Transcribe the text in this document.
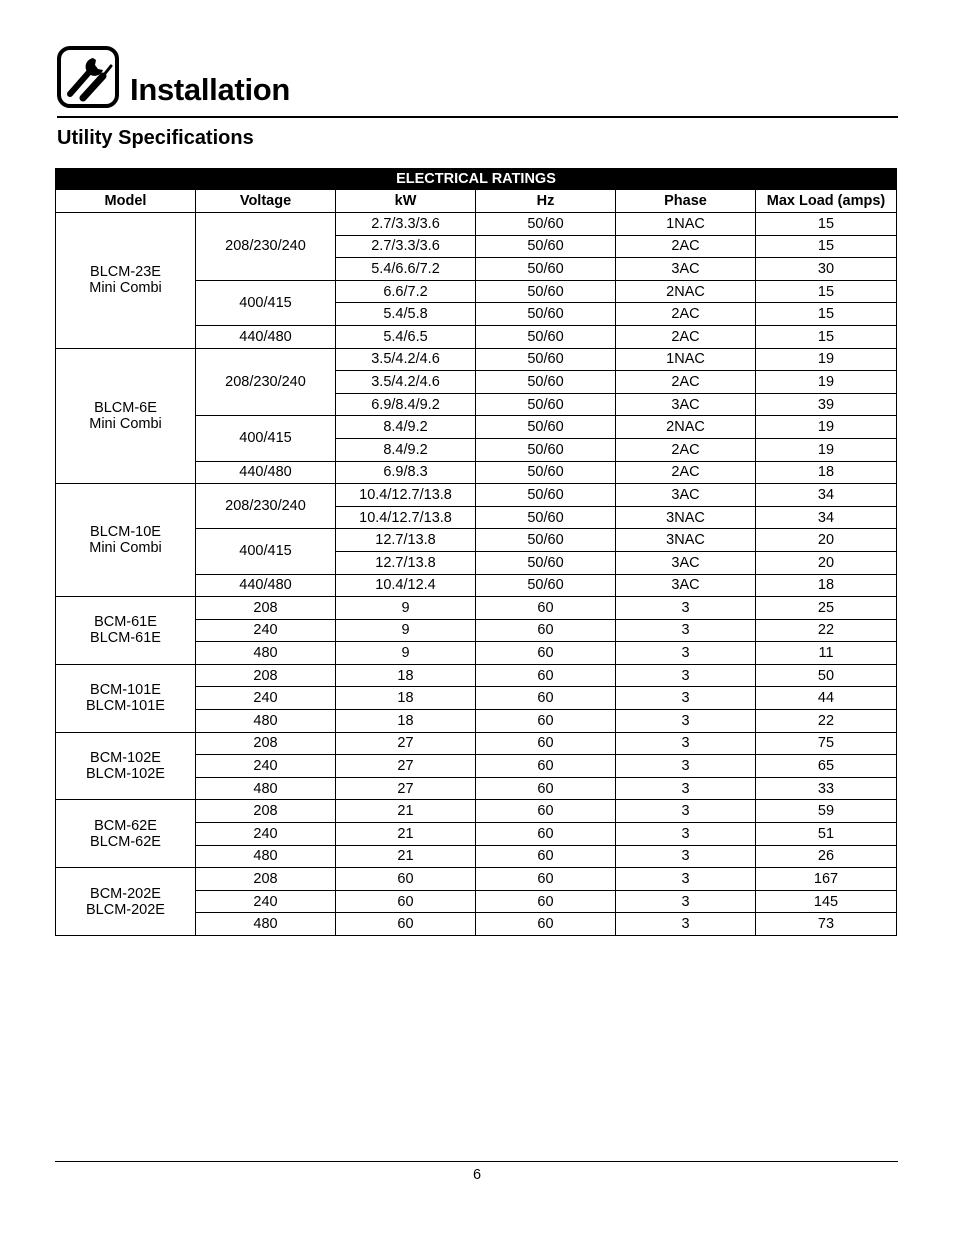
Installation
Utility Specifications
ELECTRICAL RATINGS					
Model	Voltage	kW	Hz	Phase	Max Load (amps)

BLCM-23E
Mini Combi	208/230/240	2.7/3.3/3.6	50/60	1NAC	15
		2.7/3.3/3.6	50/60	2AC	15
		5.4/6.6/7.2	50/60	3AC	30
	400/415	6.6/7.2	50/60	2NAC	15
		5.4/5.8	50/60	2AC	15
	440/480	5.4/6.5	50/60	2AC	15

BLCM-6E
Mini Combi	208/230/240	3.5/4.2/4.6	50/60	1NAC	19
		3.5/4.2/4.6	50/60	2AC	19
		6.9/8.4/9.2	50/60	3AC	39
	400/415	8.4/9.2	50/60	2NAC	19
		8.4/9.2	50/60	2AC	19
	440/480	6.9/8.3	50/60	2AC	18

BLCM-10E
Mini Combi	208/230/240	10.4/12.7/13.8	50/60	3AC	34
		10.4/12.7/13.8	50/60	3NAC	34
	400/415	12.7/13.8	50/60	3NAC	20
		12.7/13.8	50/60	3AC	20
	440/480	10.4/12.4	50/60	3AC	18

BCM-61E
BLCM-61E	208	9	60	3	25
	240	9	60	3	22
	480	9	60	3	11

BCM-101E
BLCM-101E	208	18	60	3	50
	240	18	60	3	44
	480	18	60	3	22

BCM-102E
BLCM-102E	208	27	60	3	75
	240	27	60	3	65
	480	27	60	3	33

BCM-62E
BLCM-62E	208	21	60	3	59
	240	21	60	3	51
	480	21	60	3	26

BCM-202E
BLCM-202E	208	60	60	3	167
	240	60	60	3	145
	480	60	60	3	73
6
